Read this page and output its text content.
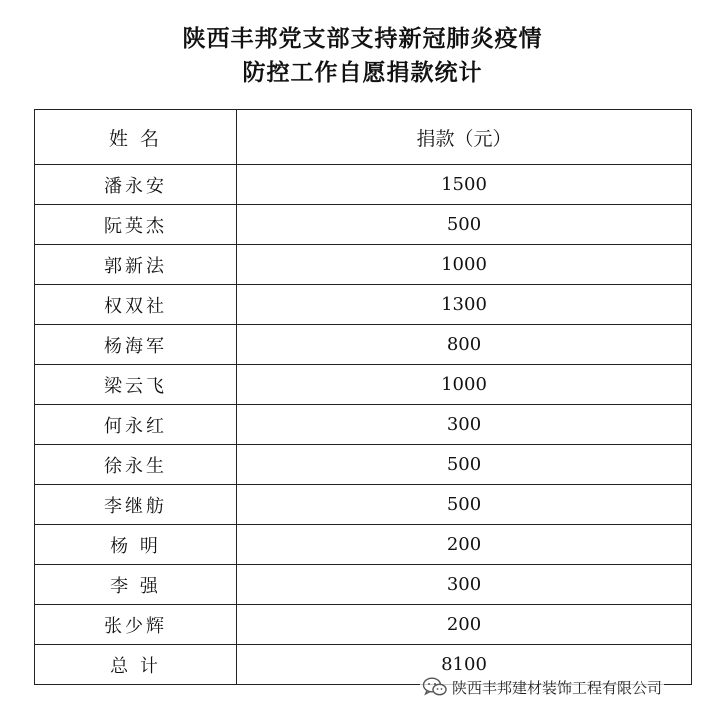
陕西丰邦党支部支持新冠肺炎疫情
防控工作自愿捐款统计
姓 名	捐款（元）
潘永安	1500
阮英杰	500
郭新法	1000
权双社	1300
杨海军	800
梁云飞	1000
何永红	300
徐永生	500
李继舫	500
杨 明	200
李 强	300
张少辉	200
总 计	8100
陕西丰邦建材装饰工程有限公司
